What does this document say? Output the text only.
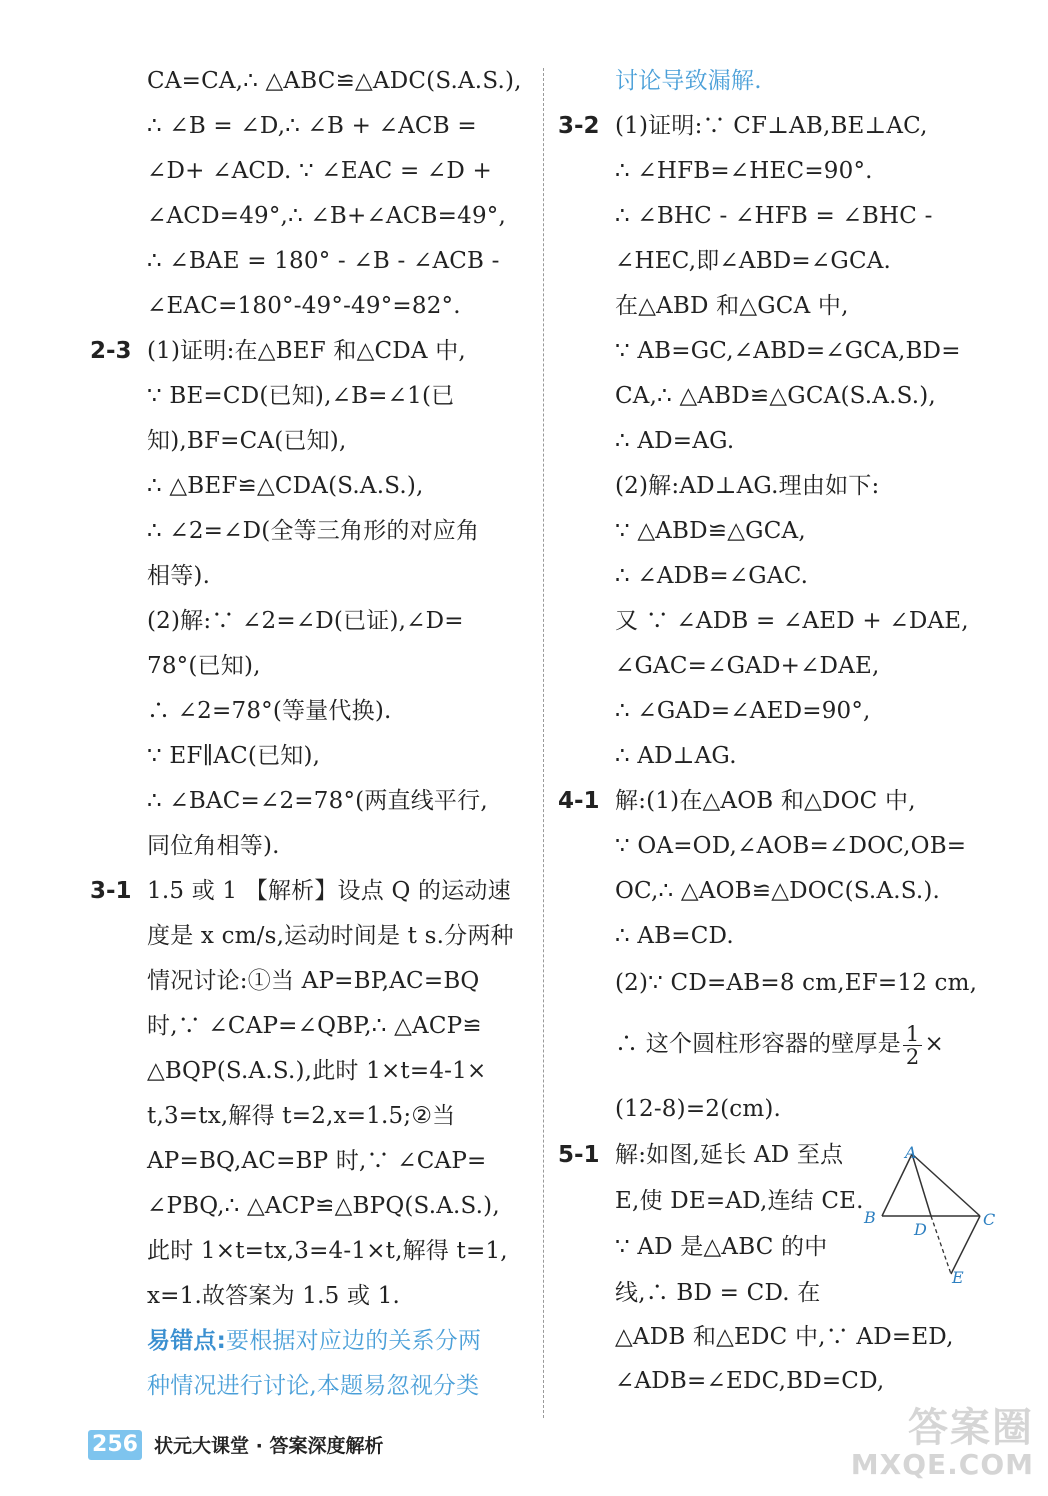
CA=CA,∴ △ABC≌△ADC(S.A.S.),
∴ ∠B = ∠D,∴ ∠B + ∠ACB =
∠D+ ∠ACD. ∵ ∠EAC = ∠D +
∠ACD=49°,∴ ∠B+∠ACB=49°,
∴ ∠BAE = 180° - ∠B - ∠ACB -
∠EAC=180°-49°-49°=82°.
2-3 (1)证明:在△BEF 和△CDA 中,
∵ BE=CD(已知),∠B=∠1(已
知),BF=CA(已知),
∴ △BEF≌△CDA(S.A.S.),
∴ ∠2=∠D(全等三角形的对应角
相等).
(2)解:∵ ∠2=∠D(已证),∠D=
78°(已知),
∴ ∠2=78°(等量代换).
∵ EF∥AC(已知),
∴ ∠BAC=∠2=78°(两直线平行,
同位角相等).
3-1 1.5 或 1 【解析】设点 Q 的运动速
度是 x cm/s,运动时间是 t s.分两种
情况讨论:①当 AP=BP,AC=BQ
时,∵ ∠CAP=∠QBP,∴ △ACP≌
△BQP(S.A.S.),此时 1×t=4-1×
t,3=tx,解得 t=2,x=1.5;②当
AP=BQ,AC=BP 时,∵ ∠CAP=
∠PBQ,∴ △ACP≌△BPQ(S.A.S.),
此时 1×t=tx,3=4-1×t,解得 t=1,
x=1.故答案为 1.5 或 1.
易错点:要根据对应边的关系分两
种情况进行讨论,本题易忽视分类
讨论导致漏解.
3-2 (1)证明:∵ CF⊥AB,BE⊥AC,
∴ ∠HFB=∠HEC=90°.
∴ ∠BHC - ∠HFB = ∠BHC -
∠HEC,即∠ABD=∠GCA.
在△ABD 和△GCA 中,
∵ AB=GC,∠ABD=∠GCA,BD=
CA,∴ △ABD≌△GCA(S.A.S.),
∴ AD=AG.
(2)解:AD⊥AG.理由如下:
∵ △ABD≌△GCA,
∴ ∠ADB=∠GAC.
又 ∵ ∠ADB = ∠AED + ∠DAE,
∠GAC=∠GAD+∠DAE,
∴ ∠GAD=∠AED=90°,
∴ AD⊥AG.
4-1 解:(1)在△AOB 和△DOC 中,
∵ OA=OD,∠AOB=∠DOC,OB=
OC,∴ △AOB≌△DOC(S.A.S.).
∴ AB=CD.
(2)∵ CD=AB=8 cm,EF=12 cm,
∴ 这个圆柱形容器的壁厚是 $\frac{1}{2}$ ×
(12-8)=2(cm).
5-1 解:如图,延长 AD 至点
E,使 DE=AD,连结 CE.
∵ AD 是△ABC 的中
线,∴ BD = CD. 在
△ADB 和△EDC 中,∵ AD=ED,
∠ADB=∠EDC,BD=CD,
A
B	C
D
E
256 状元大课堂 · 答案深度解析	答案圈
MXQE.COM
